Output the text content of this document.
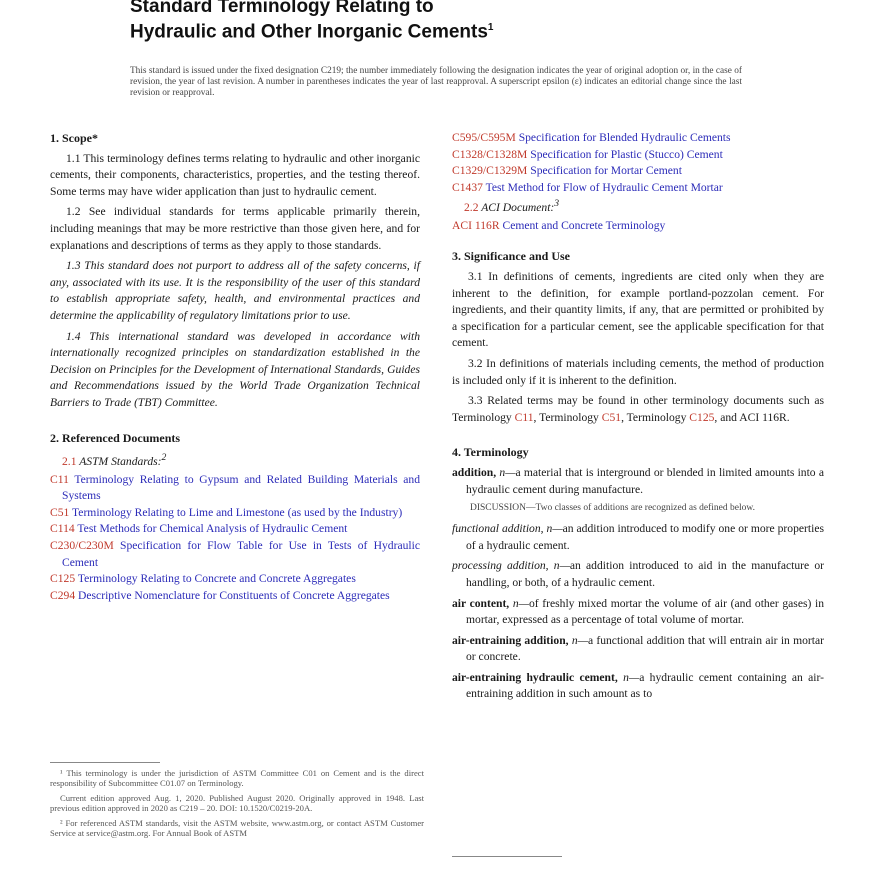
Standard Terminology Relating to
Hydraulic and Other Inorganic Cements$^1$
This standard is issued under the fixed designation C219; the number immediately following the designation indicates the year of original adoption or, in the case of revision, the year of last revision. A number in parentheses indicates the year of last reapproval. A superscript epsilon (ε) indicates an editorial change since the last revision or reapproval.
1. Scope*

1.1 This terminology defines terms relating to hydraulic and other inorganic cements, their components, characteristics, properties, and the testing thereof. Some terms may have wider application than just to hydraulic cement.

1.2 See individual standards for terms applicable primarily therein, including meanings that may be more restrictive than those given here, and for explanations and descriptions of terms as they apply to those standards.

1.3 This standard does not purport to address all of the safety concerns, if any, associated with its use. It is the responsibility of the user of this standard to establish appropriate safety, health, and environmental practices and determine the applicability of regulatory limitations prior to use.

1.4 This international standard was developed in accordance with internationally recognized principles on standardization established in the Decision on Principles for the Development of International Standards, Guides and Recommendations issued by the World Trade Organization Technical Barriers to Trade (TBT) Committee.

2. Referenced Documents

2.1 ASTM Standards:$^2$

C11 Terminology Relating to Gypsum and Related Building Materials and Systems

C51 Terminology Relating to Lime and Limestone (as used by the Industry)

C114 Test Methods for Chemical Analysis of Hydraulic Cement

C230/C230M Specification for Flow Table for Use in Tests of Hydraulic Cement

C125 Terminology Relating to Concrete and Concrete Aggregates

C294 Descriptive Nomenclature for Constituents of Concrete Aggregates

¹ This terminology is under the jurisdiction of ASTM Committee C01 on Cement and is the direct responsibility of Subcommittee C01.07 on Terminology.

Current edition approved Aug. 1, 2020. Published August 2020. Originally approved in 1948. Last previous edition approved in 2020 as C219 – 20. DOI: 10.1520/C0219-20A.

² For referenced ASTM standards, visit the ASTM website, www.astm.org, or contact ASTM Customer Service at service@astm.org. For Annual Book of ASTM

C595/C595M Specification for Blended Hydraulic Cements

C1328/C1328M Specification for Plastic (Stucco) Cement

C1329/C1329M Specification for Mortar Cement

C1437 Test Method for Flow of Hydraulic Cement Mortar

2.2 ACI Document:$^3$

ACI 116R Cement and Concrete Terminology

3. Significance and Use

3.1 In definitions of cements, ingredients are cited only when they are inherent to the definition, for example portland-pozzolan cement. For ingredients, and their quantity limits, if any, that are permitted or prohibited by a specification for a particular cement, see the applicable specification for that cement.

3.2 In definitions of materials including cements, the method of production is included only if it is inherent to the definition.

3.3 Related terms may be found in other terminology documents such as Terminology C11, Terminology C51, Terminology C125, and ACI 116R.

4. Terminology

addition, n—a material that is interground or blended in limited amounts into a hydraulic cement during manufacture.

DISCUSSION—Two classes of additions are recognized as defined below.

functional addition, n—an addition introduced to modify one or more properties of a hydraulic cement.

processing addition, n—an addition introduced to aid in the manufacture or handling, or both, of a hydraulic cement.

air content, n—of freshly mixed mortar the volume of air (and other gases) in mortar, expressed as a percentage of total volume of mortar.

air-entraining addition, n—a functional addition that will entrain air in mortar or concrete.

air-entraining hydraulic cement, n—a hydraulic cement containing an air-entraining addition in such amount as to
